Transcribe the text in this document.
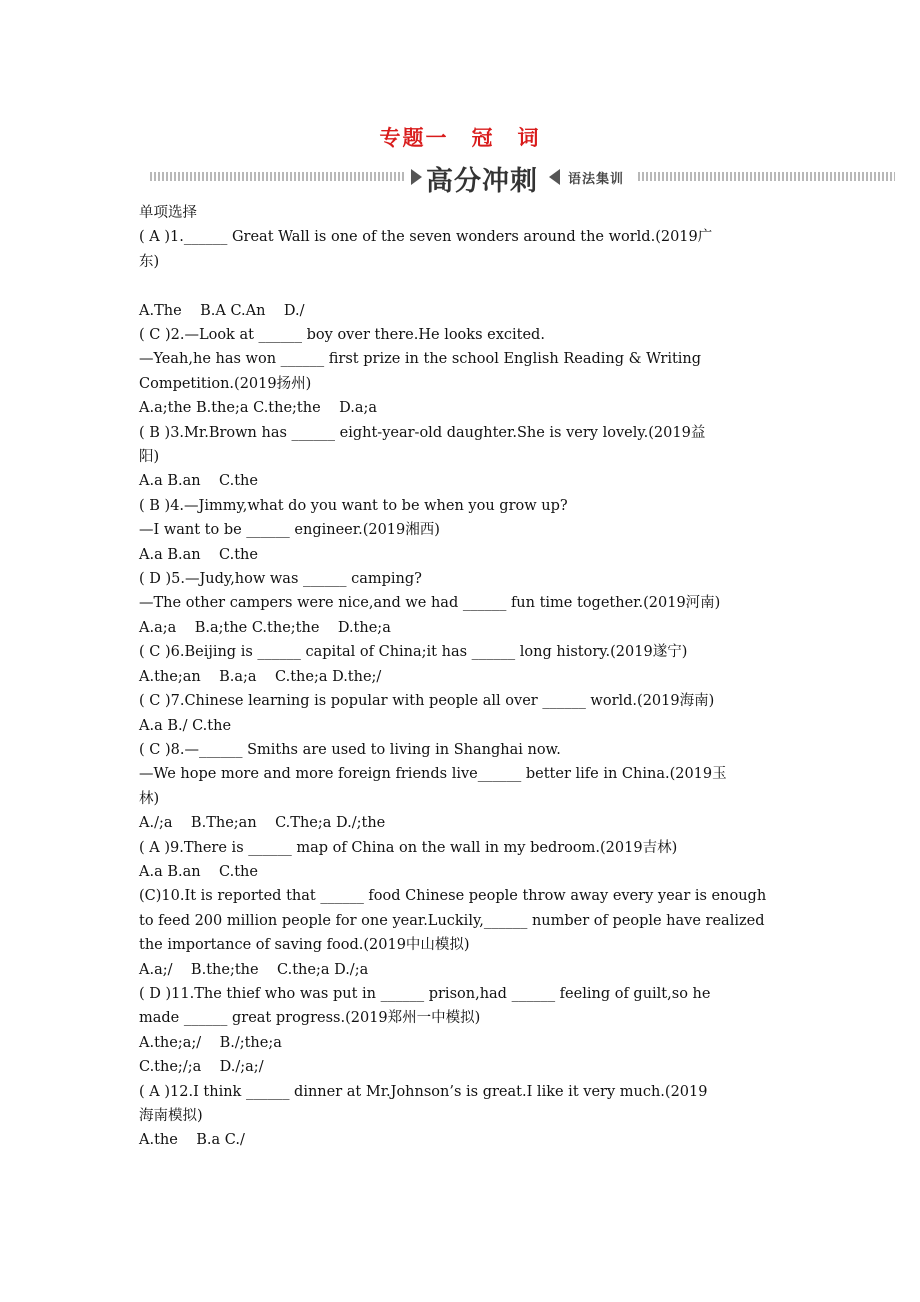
专题一　冠　词
高分冲刺 语法集训
单项选择
( A )1.______ Great Wall is one of the seven wonders around the world.(2019广
东)
A.The    B.A C.An    D./
( C )2.—Look at ______ boy over there.He looks excited.
—Yeah,he has won ______ first prize in the school English Reading & Writing
Competition.(2019扬州)
A.a;the B.the;a C.the;the    D.a;a
( B )3.Mr.Brown has ______ eight-year-old daughter.She is very lovely.(2019益
阳)
A.a B.an    C.the
( B )4.—Jimmy,what do you want to be when you grow up?
—I want to be ______ engineer.(2019湘西)
A.a B.an    C.the
( D )5.—Judy,how was ______ camping?
—The other campers were nice,and we had ______ fun time together.(2019河南)
A.a;a    B.a;the C.the;the    D.the;a
( C )6.Beijing is ______ capital of China;it has ______ long history.(2019遂宁)
A.the;an    B.a;a    C.the;a D.the;/
( C )7.Chinese learning is popular with people all over ______ world.(2019海南)
A.a B./ C.the
( C )8.—______ Smiths are used to living in Shanghai now.
—We hope more and more foreign friends live______ better life in China.(2019玉
林)
A./;a    B.The;an    C.The;a D./;the
( A )9.There is ______ map of China on the wall in my bedroom.(2019吉林)
A.a B.an    C.the
(C)10.It is reported that ______ food Chinese people throw away every year is enough
to feed 200 million people for one year.Luckily,______ number of people have realized
the importance of saving food.(2019中山模拟)
A.a;/    B.the;the    C.the;a D./;a
( D )11.The thief who was put in ______ prison,had ______ feeling of guilt,so he
made ______ great progress.(2019郑州一中模拟)
A.the;a;/    B./;the;a
C.the;/;a    D./;a;/
( A )12.I think ______ dinner at Mr.Johnson’s is great.I like it very much.(2019
海南模拟)
A.the    B.a C./
